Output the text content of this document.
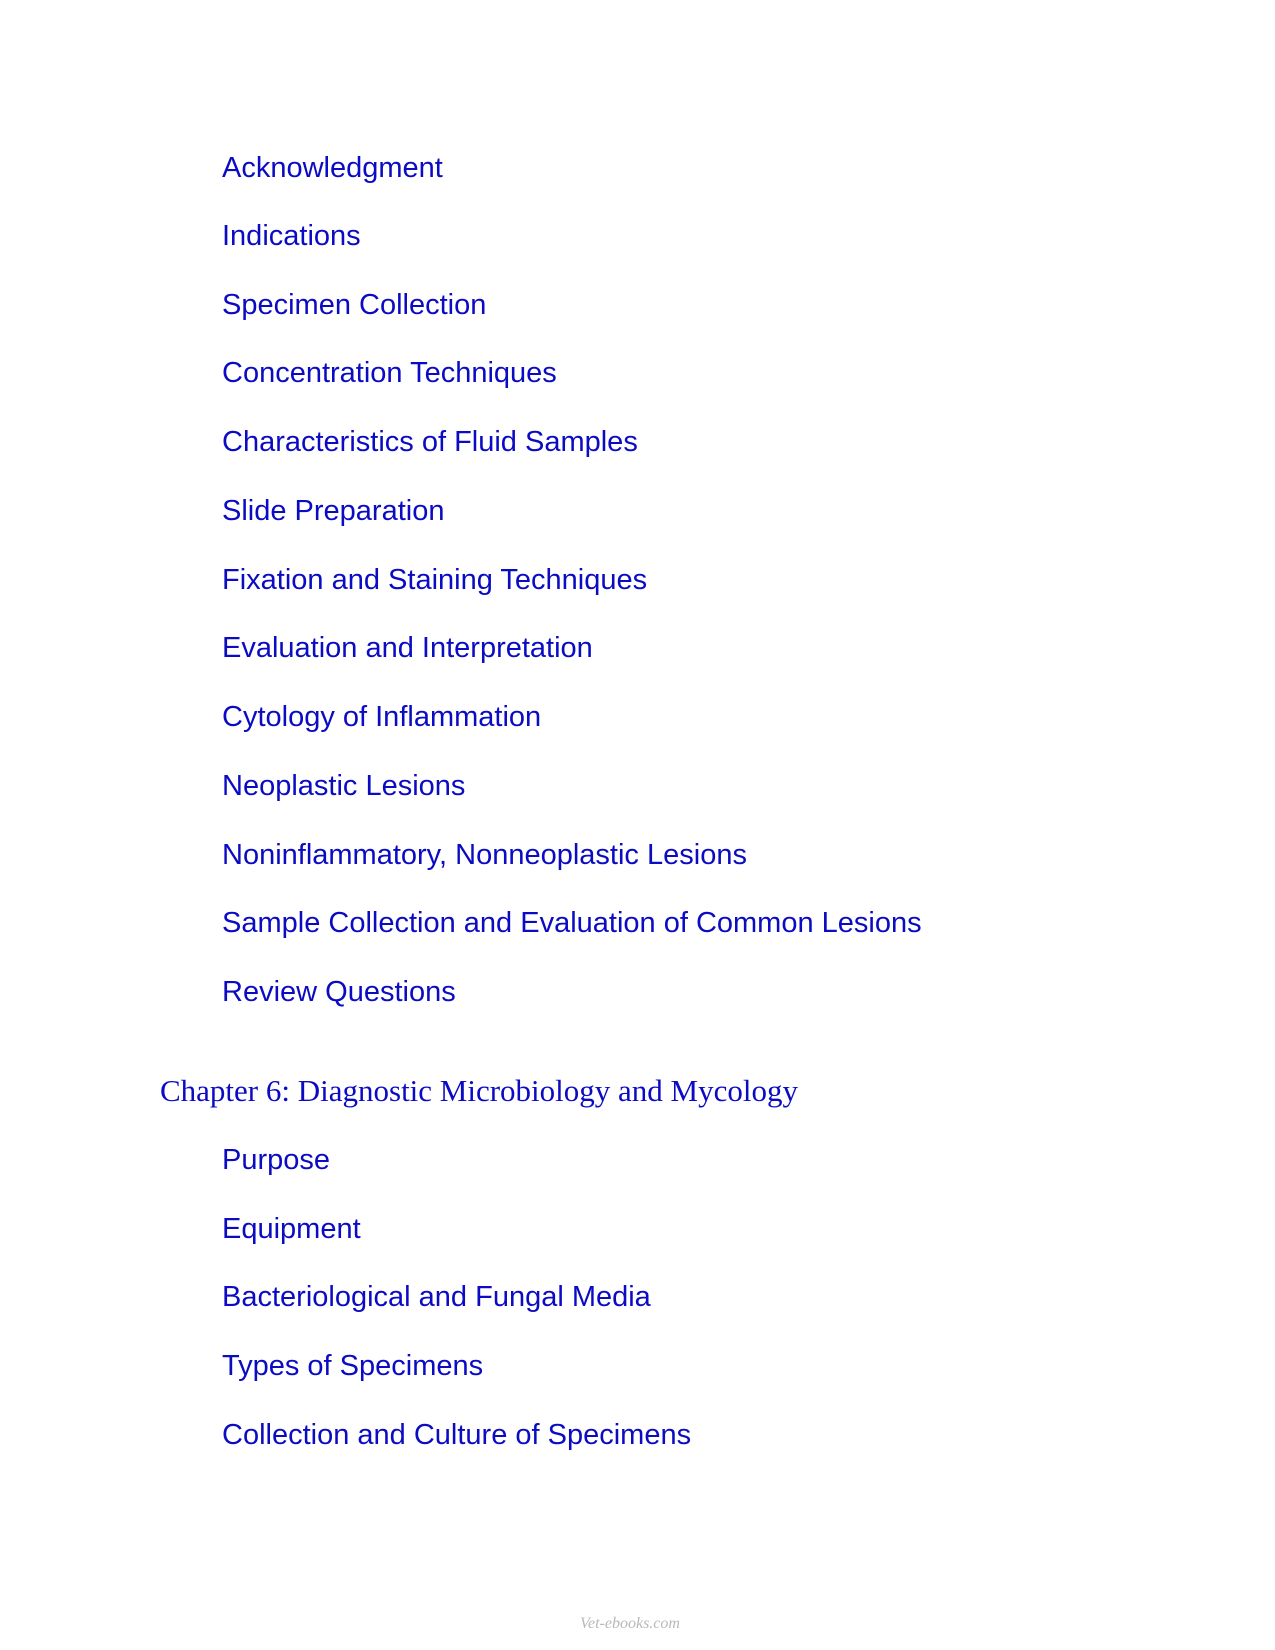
Acknowledgment
Indications
Specimen Collection
Concentration Techniques
Characteristics of Fluid Samples
Slide Preparation
Fixation and Staining Techniques
Evaluation and Interpretation
Cytology of Inflammation
Neoplastic Lesions
Noninflammatory, Nonneoplastic Lesions
Sample Collection and Evaluation of Common Lesions
Review Questions
Chapter 6: Diagnostic Microbiology and Mycology
Purpose
Equipment
Bacteriological and Fungal Media
Types of Specimens
Collection and Culture of Specimens
Vet-ebooks.com
